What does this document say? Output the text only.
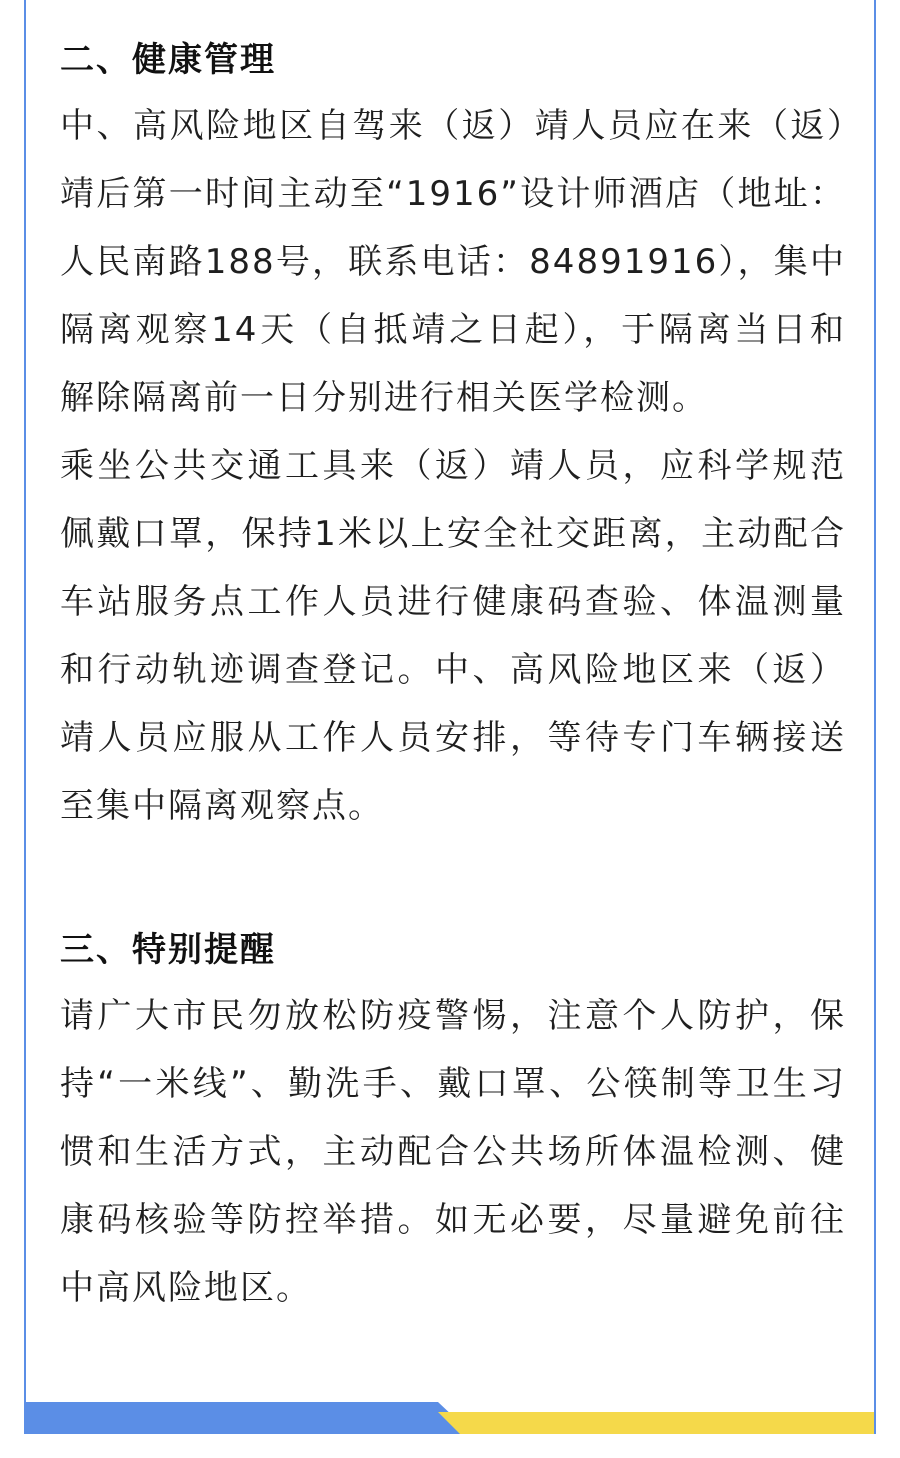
二、健康管理

中、高风险地区自驾来（返）靖人员应在来（返）靖后第一时间主动至“1916”设计师酒店（地址：人民南路188号，联系电话：84891916），集中隔离观察14天（自抵靖之日起），于隔离当日和解除隔离前一日分别进行相关医学检测。

乘坐公共交通工具来（返）靖人员，应科学规范佩戴口罩，保持1米以上安全社交距离，主动配合车站服务点工作人员进行健康码查验、体温测量和行动轨迹调查登记。中、高风险地区来（返）靖人员应服从工作人员安排，等待专门车辆接送至集中隔离观察点。

三、特别提醒

请广大市民勿放松防疫警惕，注意个人防护，保持“一米线”、勤洗手、戴口罩、公筷制等卫生习惯和生活方式，主动配合公共场所体温检测、健康码核验等防控举措。如无必要，尽量避免前往中高风险地区。
